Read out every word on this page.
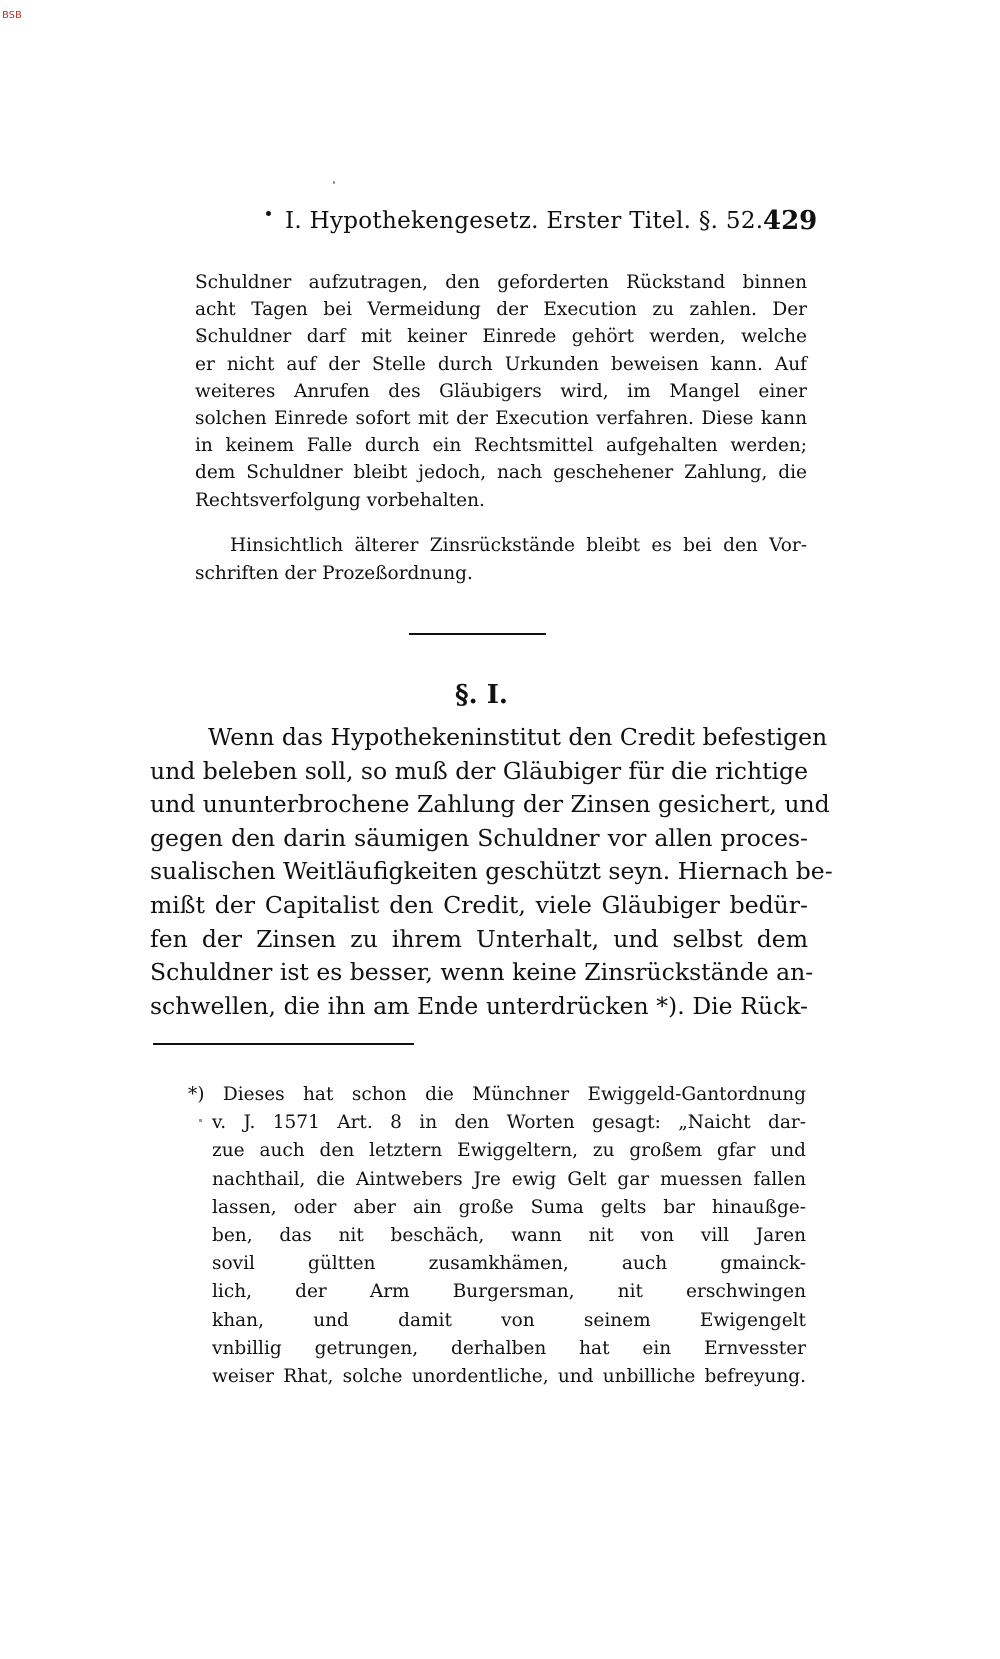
BSB
I. Hypothekengesetz. Erster Titel. §. 52. 429
Schuldner aufzutragen, den geforderten Rückstand binnen
acht Tagen bei Vermeidung der Execution zu zahlen. Der
Schuldner darf mit keiner Einrede gehört werden, welche
er nicht auf der Stelle durch Urkunden beweisen kann. Auf
weiteres Anrufen des Gläubigers wird, im Mangel einer
solchen Einrede sofort mit der Execution verfahren. Diese kann
in keinem Falle durch ein Rechtsmittel aufgehalten werden;
dem Schuldner bleibt jedoch, nach geschehener Zahlung, die
Rechtsverfolgung vorbehalten.
Hinsichtlich älterer Zinsrückstände bleibt es bei den Vor-
schriften der Prozeßordnung.
§. I.
Wenn das Hypothekeninstitut den Credit befestigen
und beleben soll, so muß der Gläubiger für die richtige
und ununterbrochene Zahlung der Zinsen gesichert, und
gegen den darin säumigen Schuldner vor allen proces-
sualischen Weitläufigkeiten geschützt seyn. Hiernach be-
mißt der Capitalist den Credit, viele Gläubiger bedür-
fen der Zinsen zu ihrem Unterhalt, und selbst dem
Schuldner ist es besser, wenn keine Zinsrückstände an-
schwellen, die ihn am Ende unterdrücken *). Die Rück-
*) Dieses hat schon die Münchner Ewiggeld-Gantordnung
v. J. 1571 Art. 8 in den Worten gesagt: „Naicht dar-
zue auch den letztern Ewiggeltern, zu großem gfar und
nachthail, die Aintwebers Jre ewig Gelt gar muessen fallen
lassen, oder aber ain große Suma gelts bar hinaußge-
ben, das nit beschäch, wann nit von vill Jaren
sovil gültten zusamkhämen, auch gmainck-
lich, der Arm Burgersman, nit erschwingen
khan, und damit von seinem Ewigengelt
vnbillig getrungen, derhalben hat ein Ernvesster
weiser Rhat, solche unordentliche, und unbilliche befreyung.
